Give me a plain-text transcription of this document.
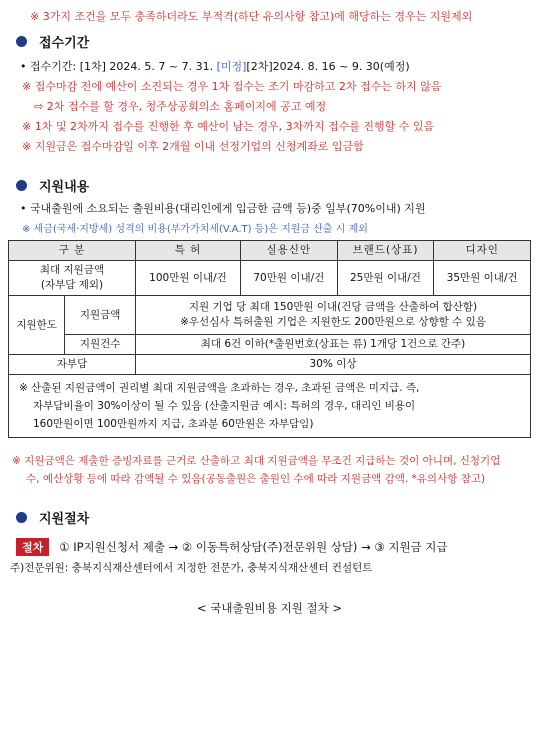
※ 3가지 조건을 모두 충족하더라도 부적격(하단 유의사항 참고)에 해당하는 경우는 지원제외
접수기간
• 접수기간: [1차] 2024. 5. 7 ~ 7. 31. [미정][2차]2024. 8. 16 ~ 9. 30(예정)
※ 접수마감 전에 예산이 소진되는 경우 1차 접수는 조기 마감하고 2차 접수는 하지 않음
⇨ 2차 접수를 할 경우, 청주상공회의소 홈페이지에 공고 예정
※ 1차 및 2차까지 접수를 진행한 후 예산이 남는 경우, 3차까지 접수를 진행할 수 있음
※ 지원금은 접수마감일 이후 2개월 이내 선정기업의 신청계좌로 입금함
지원내용
• 국내출원에 소요되는 출원비용(대리인에게 입금한 금액 등)중 일부(70%이내) 지원
※ 세금(국세·지방세) 성격의 비용(부가가치세(V.A.T) 등)은 지원금 산출 시 제외
구 분		특 허	실용신안	브랜드(상표)	디자인
최대 지원금액
(자부담 제외)		100만원 이내/건	70만원 이내/건	25만원 이내/건	35만원 이내/건
지원한도	지원금액	지원 기업 당 최대 150만원 이내(건당 금액을 산출하여 합산함)
※우선심사 특허출원 기업은 지원한도 200만원으로 상향할 수 있음			

	지원건수	최대 6건 이하(*출원번호(상표는 류) 1개당 1건으로 간주)			
자부담		30% 이상			

※ 산출된 지원금액이 권리별 최대 지원금액을 초과하는 경우, 초과된 금액은 미지급. 즉,
자부담비율이 30%이상이 될 수 있음 (산출지원금 예시: 특허의 경우, 대리인 비용이
160만원이면 100만원까지 지급, 초과분 60만원은 자부담임)					
※ 지원금액은 제출한 증빙자료를 근거로 산출하고 최대 지원금액을 무조건 지급하는 것이 아니며, 신청기업
수, 예산상황 등에 따라 감액될 수 있음(공동출원은 출원인 수에 따라 지원금액 감액. *유의사항 참고)
지원절차
절차 ① IP지원신청서 제출 → ② 이동특허상담(주)전문위원 상담) → ③ 지원금 지급
주)전문위원: 충북지식재산센터에서 지정한 전문가, 충북지식재산센터 컨설턴트
< 국내출원비용 지원 절차 >
